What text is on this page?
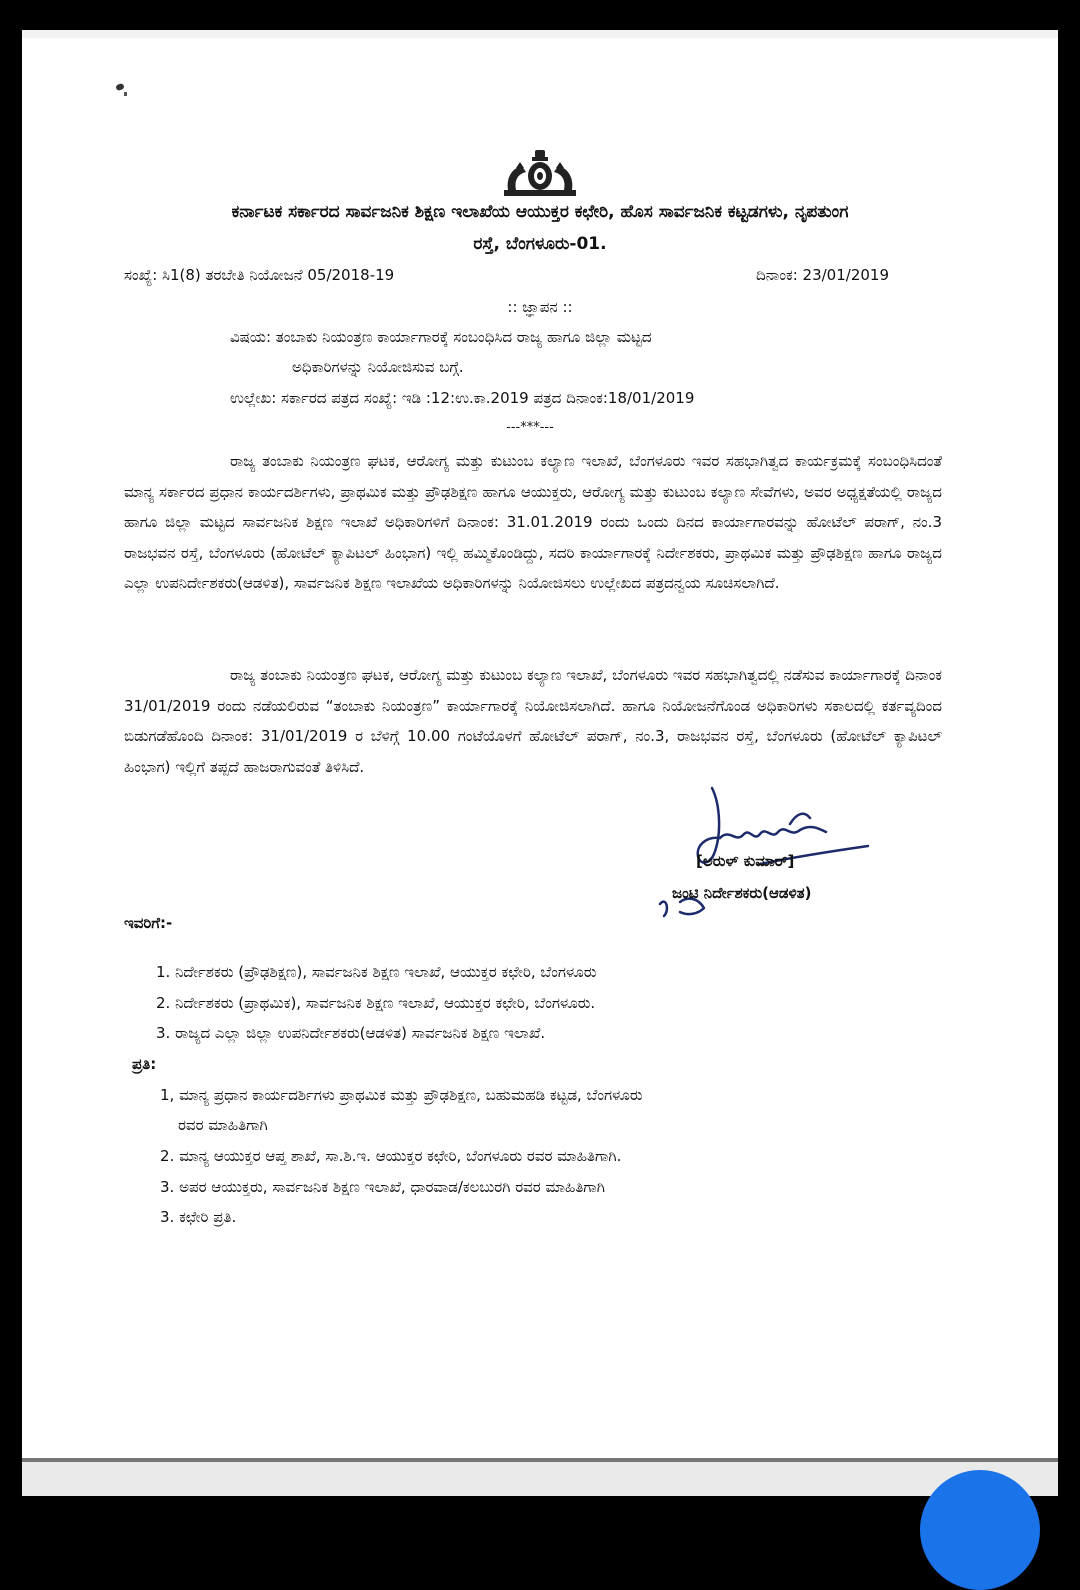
ಕರ್ನಾಟಕ ಸರ್ಕಾರದ ಸಾರ್ವಜನಿಕ ಶಿಕ್ಷಣ ಇಲಾಖೆಯ ಆಯುಕ್ತರ ಕಛೇರಿ, ಹೊಸ ಸಾರ್ವಜನಿಕ ಕಟ್ಟಡಗಳು, ನೃಪತುಂಗ
ರಸ್ತೆ, ಬೆಂಗಳೂರು-01.
ಸಂಖ್ಯೆ: ಸಿ1(8) ತರಬೇತಿ ನಿಯೋಜನೆ 05/2018-19	ದಿನಾಂಕ: 23/01/2019
:: ಜ್ಞಾಪನ ::
ವಿಷಯ: ತಂಬಾಕು ನಿಯಂತ್ರಣ ಕಾರ್ಯಾಗಾರಕ್ಕೆ ಸಂಬಂಧಿಸಿದ ರಾಜ್ಯ ಹಾಗೂ ಜಿಲ್ಲಾ ಮಟ್ಟದ
ಅಧಿಕಾರಿಗಳನ್ನು ನಿಯೋಜಿಸುವ ಬಗ್ಗೆ.
ಉಲ್ಲೇಖ: ಸರ್ಕಾರದ ಪತ್ರದ ಸಂಖ್ಯೆ: ಇಡಿ :12:ಉ.ಕಾ.2019 ಪತ್ರದ ದಿನಾಂಕ:18/01/2019
---***---

ರಾಜ್ಯ ತಂಬಾಕು ನಿಯಂತ್ರಣ ಘಟಕ, ಆರೋಗ್ಯ ಮತ್ತು ಕುಟುಂಬ ಕಲ್ಯಾಣ ಇಲಾಖೆ, ಬೆಂಗಳೂರು ಇವರ ಸಹಭಾಗಿತ್ವದ ಕಾರ್ಯಕ್ರಮಕ್ಕೆ ಸಂಬಂಧಿಸಿದಂತೆ ಮಾನ್ಯ ಸರ್ಕಾರದ ಪ್ರಧಾನ ಕಾರ್ಯದರ್ಶಿಗಳು, ಪ್ರಾಥಮಿಕ ಮತ್ತು ಪ್ರೌಢಶಿಕ್ಷಣ ಹಾಗೂ ಆಯುಕ್ತರು, ಆರೋಗ್ಯ ಮತ್ತು ಕುಟುಂಬ ಕಲ್ಯಾಣ ಸೇವೆಗಳು, ಅವರ ಅಧ್ಯಕ್ಷತೆಯಲ್ಲಿ ರಾಜ್ಯದ ಹಾಗೂ ಜಿಲ್ಲಾ ಮಟ್ಟದ ಸಾರ್ವಜನಿಕ ಶಿಕ್ಷಣ ಇಲಾಖೆ ಅಧಿಕಾರಿಗಳಿಗೆ ದಿನಾಂಕ: 31.01.2019 ರಂದು ಒಂದು ದಿನದ ಕಾರ್ಯಾಗಾರವನ್ನು ಹೋಟೆಲ್ ಪರಾಗ್, ನಂ.3 ರಾಜಭವನ ರಸ್ತೆ, ಬೆಂಗಳೂರು (ಹೋಟೆಲ್ ಕ್ಯಾಪಿಟಲ್ ಹಿಂಭಾಗ) ಇಲ್ಲಿ ಹಮ್ಮಿಕೊಂಡಿದ್ದು, ಸದರಿ ಕಾರ್ಯಾಗಾರಕ್ಕೆ ನಿರ್ದೇಶಕರು, ಪ್ರಾಥಮಿಕ ಮತ್ತು ಪ್ರೌಢಶಿಕ್ಷಣ ಹಾಗೂ ರಾಜ್ಯದ ಎಲ್ಲಾ ಉಪನಿರ್ದೇಶಕರು(ಆಡಳಿತ), ಸಾರ್ವಜನಿಕ ಶಿಕ್ಷಣ ಇಲಾಖೆಯ ಅಧಿಕಾರಿಗಳನ್ನು ನಿಯೋಜಿಸಲು ಉಲ್ಲೇಖದ ಪತ್ರದನ್ವಯ ಸೂಚಿಸಲಾಗಿದೆ.

ರಾಜ್ಯ ತಂಬಾಕು ನಿಯಂತ್ರಣ ಘಟಕ, ಆರೋಗ್ಯ ಮತ್ತು ಕುಟುಂಬ ಕಲ್ಯಾಣ ಇಲಾಖೆ, ಬೆಂಗಳೂರು ಇವರ ಸಹಭಾಗಿತ್ವದಲ್ಲಿ ನಡೆಸುವ ಕಾರ್ಯಾಗಾರಕ್ಕೆ ದಿನಾಂಕ 31/01/2019 ರಂದು ನಡೆಯಲಿರುವ “ತಂಬಾಕು ನಿಯಂತ್ರಣ” ಕಾರ್ಯಾಗಾರಕ್ಕೆ ನಿಯೋಜಿಸಲಾಗಿದೆ. ಹಾಗೂ ನಿಯೋಜನೆಗೊಂಡ ಅಧಿಕಾರಿಗಳು ಸಕಾಲದಲ್ಲಿ ಕರ್ತವ್ಯದಿಂದ ಬಿಡುಗಡೆಹೊಂದಿ ದಿನಾಂಕ: 31/01/2019 ರ ಬೆಳಿಗ್ಗೆ 10.00 ಗಂಟೆಯೊಳಗೆ ಹೋಟೆಲ್ ಪರಾಗ್, ನಂ.3, ರಾಜಭವನ ರಸ್ತೆ, ಬೆಂಗಳೂರು (ಹೋಟೆಲ್ ಕ್ಯಾಪಿಟಲ್ ಹಿಂಭಾಗ) ಇಲ್ಲಿಗೆ ತಪ್ಪದೆ ಹಾಜರಾಗುವಂತೆ ತಿಳಿಸಿದೆ.

[ಅರುಳ್ ಕುಮಾರ್]
ಜಂಟಿ ನಿರ್ದೇಶಕರು(ಆಡಳಿತ)
ಇವರಿಗೆ:-
1. ನಿರ್ದೇಶಕರು (ಪ್ರೌಢಶಿಕ್ಷಣ), ಸಾರ್ವಜನಿಕ ಶಿಕ್ಷಣ ಇಲಾಖೆ, ಆಯುಕ್ತರ ಕಛೇರಿ, ಬೆಂಗಳೂರು
2. ನಿರ್ದೇಶಕರು (ಪ್ರಾಥಮಿಕ), ಸಾರ್ವಜನಿಕ ಶಿಕ್ಷಣ ಇಲಾಖೆ, ಆಯುಕ್ತರ ಕಛೇರಿ, ಬೆಂಗಳೂರು.
3. ರಾಜ್ಯದ ಎಲ್ಲಾ ಜಿಲ್ಲಾ ಉಪನಿರ್ದೇಶಕರು(ಆಡಳಿತ) ಸಾರ್ವಜನಿಕ ಶಿಕ್ಷಣ ಇಲಾಖೆ.
ಪ್ರತಿ:
1, ಮಾನ್ಯ ಪ್ರಧಾನ ಕಾರ್ಯದರ್ಶಿಗಳು ಪ್ರಾಥಮಿಕ ಮತ್ತು ಪ್ರೌಢಶಿಕ್ಷಣ, ಬಹುಮಹಡಿ ಕಟ್ಟಡ, ಬೆಂಗಳೂರು
ರವರ ಮಾಹಿತಿಗಾಗಿ
2. ಮಾನ್ಯ ಆಯುಕ್ತರ ಆಪ್ತ ಶಾಖೆ, ಸಾ.ಶಿ.ಇ. ಆಯುಕ್ತರ ಕಛೇರಿ, ಬೆಂಗಳೂರು ರವರ ಮಾಹಿತಿಗಾಗಿ.
3. ಅಪರ ಆಯುಕ್ತರು, ಸಾರ್ವಜನಿಕ ಶಿಕ್ಷಣ ಇಲಾಖೆ, ಧಾರವಾಡ/ಕಲಬುರಗಿ ರವರ ಮಾಹಿತಿಗಾಗಿ
3. ಕಛೇರಿ ಪ್ರತಿ.
